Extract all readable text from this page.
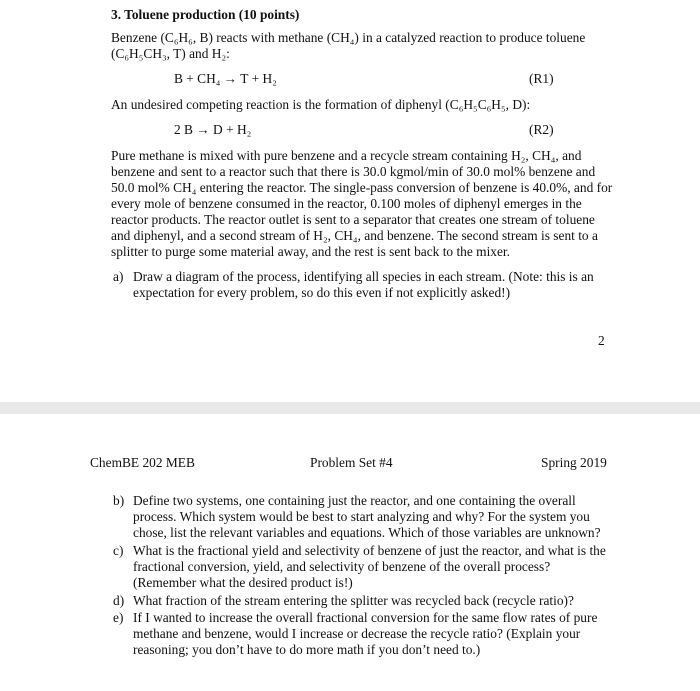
3. Toluene production (10 points)
Benzene (C₆H₆, B) reacts with methane (CH₄) in a catalyzed reaction to produce toluene
(C₆H₅CH₃, T) and H₂:
B + CH₄ → T + H₂	(R1)
An undesired competing reaction is the formation of diphenyl (C₆H₅C₆H₅, D):
2 B → D + H₂	(R2)
Pure methane is mixed with pure benzene and a recycle stream containing H₂, CH₄, and
benzene and sent to a reactor such that there is 30.0 kgmol/min of 30.0 mol% benzene and
50.0 mol% CH₄ entering the reactor. The single-pass conversion of benzene is 40.0%, and for
every mole of benzene consumed in the reactor, 0.100 moles of diphenyl emerges in the
reactor products. The reactor outlet is sent to a separator that creates one stream of toluene
and diphenyl, and a second stream of H₂, CH₄, and benzene. The second stream is sent to a
splitter to purge some material away, and the rest is sent back to the mixer.
a) Draw a diagram of the process, identifying all species in each stream. (Note: this is an
expectation for every problem, so do this even if not explicitly asked!)
2
ChemBE 202 MEB	Problem Set #4	Spring 2019
b) Define two systems, one containing just the reactor, and one containing the overall
process. Which system would be best to start analyzing and why? For the system you
chose, list the relevant variables and equations. Which of those variables are unknown?
c) What is the fractional yield and selectivity of benzene of just the reactor, and what is the
fractional conversion, yield, and selectivity of benzene of the overall process?
(Remember what the desired product is!)
d) What fraction of the stream entering the splitter was recycled back (recycle ratio)?
e) If I wanted to increase the overall fractional conversion for the same flow rates of pure
methane and benzene, would I increase or decrease the recycle ratio? (Explain your
reasoning; you don’t have to do more math if you don’t need to.)
